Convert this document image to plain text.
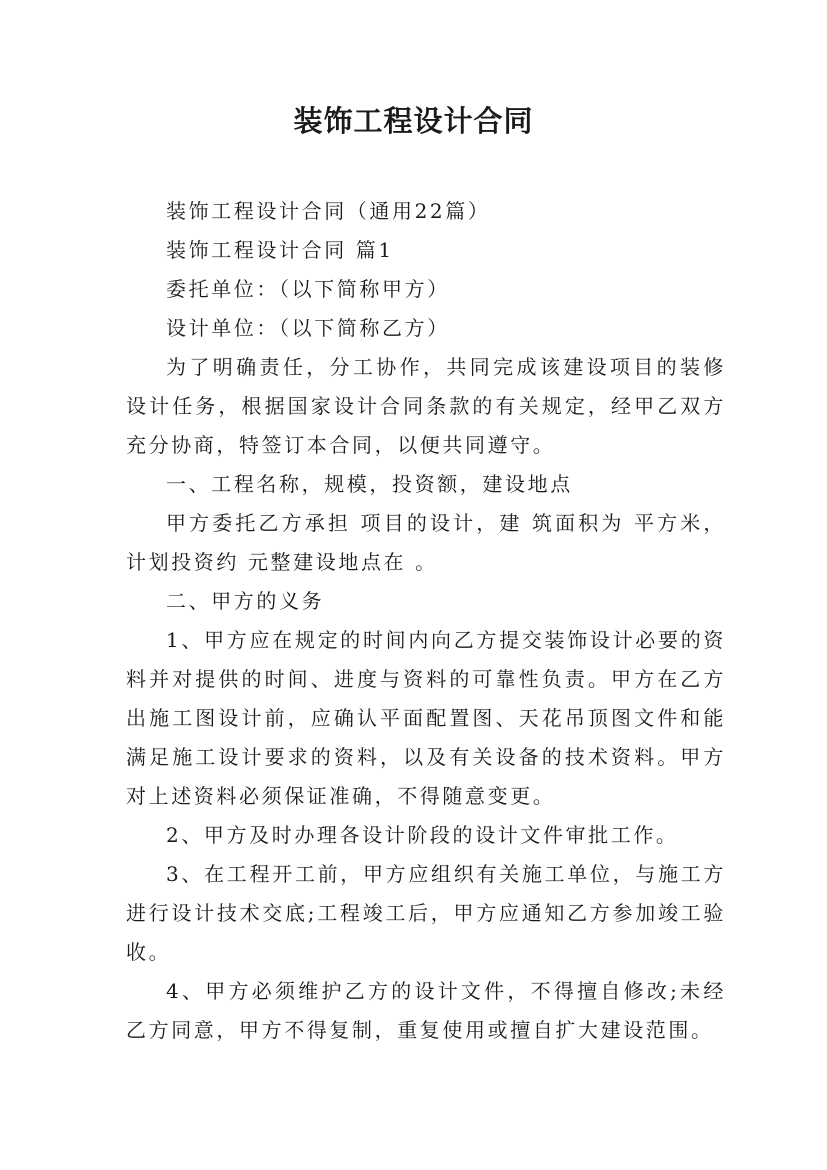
装饰工程设计合同

装饰工程设计合同（通用22篇）

装饰工程设计合同 篇1

委托单位：（以下简称甲方）

设计单位：（以下简称乙方）

为了明确责任，分工协作，共同完成该建设项目的装修设计任务，根据国家设计合同条款的有关规定，经甲乙双方充分协商，特签订本合同，以便共同遵守。

一、工程名称，规模，投资额，建设地点

甲方委托乙方承担 项目的设计，建 筑面积为 平方米，计划投资约 元整建设地点在 。

二、甲方的义务

1、甲方应在规定的时间内向乙方提交装饰设计必要的资料并对提供的时间、进度与资料的可靠性负责。甲方在乙方出施工图设计前，应确认平面配置图、天花吊顶图文件和能满足施工设计要求的资料，以及有关设备的技术资料。甲方对上述资料必须保证准确，不得随意变更。

2、甲方及时办理各设计阶段的设计文件审批工作。

3、在工程开工前，甲方应组织有关施工单位，与施工方进行设计技术交底;工程竣工后，甲方应通知乙方参加竣工验收。

4、甲方必须维护乙方的设计文件，不得擅自修改;未经乙方同意，甲方不得复制，重复使用或擅自扩大建设范围。
